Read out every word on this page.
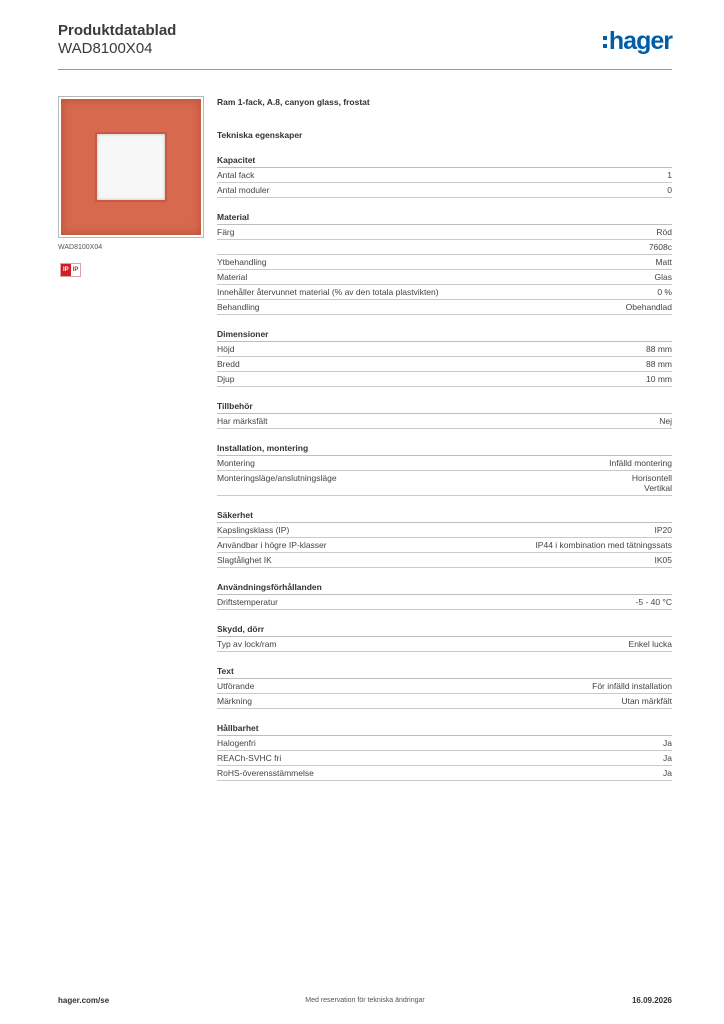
Produktdatablad
WAD8100X04	hager
WAD8100X04
IP IP
Ram 1-fack, A.8, canyon glass, frostat
Tekniska egenskaper
Kapacitet
Antal fack	1
Antal moduler	0
Material
Färg	Röd
7608c
Ytbehandling	Matt
Material	Glas
Innehåller återvunnet material (% av den totala plastvikten)	0 %
Behandling	Obehandlad
Dimensioner
Höjd	88 mm
Bredd	88 mm
Djup	10 mm
Tillbehör
Har märksfält	Nej
Installation, montering
Montering	Infälld montering
Monteringsläge/anslutningsläge	Horisontell
Vertikal
Säkerhet
Kapslingsklass (IP)	IP20
Användbar i högre IP-klasser	IP44 i kombination med tätningssats
Slagtålighet IK	IK05
Användningsförhållanden
Driftstemperatur	-5 - 40 °C
Skydd, dörr
Typ av lock/ram	Enkel lucka
Text
Utförande	För infälld installation
Märkning	Utan märkfält
Hållbarhet
Halogenfri	Ja
REACh-SVHC fri	Ja
RoHS-överensstämmelse	Ja
hager.com/se	Med reservation för tekniska ändringar	16.09.2026
